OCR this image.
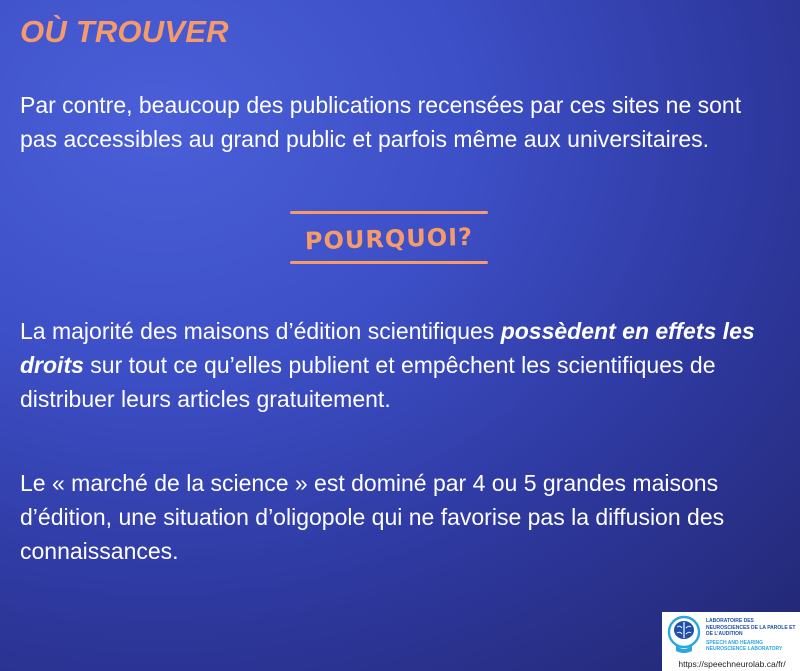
OÙ TROUVER

Par contre, beaucoup des publications recensées par ces sites ne sont pas accessibles au grand public et parfois même aux universitaires.

POURQUOI?

La majorité des maisons d’édition scientifiques possèdent en effets les droits sur tout ce qu’elles publient et empêchent les scientifiques de distribuer leurs articles gratuitement.

Le « marché de la science » est dominé par 4 ou 5 grandes maisons d’édition, une situation d’oligopole qui ne favorise pas la diffusion des connaissances.

LABORATOIRE DES NEUROSCIENCES DE LA PAROLE ET DE L’AUDITION
SPEECH AND HEARING NEUROSCIENCE LABORATORY
https://speechneurolab.ca/fr/
